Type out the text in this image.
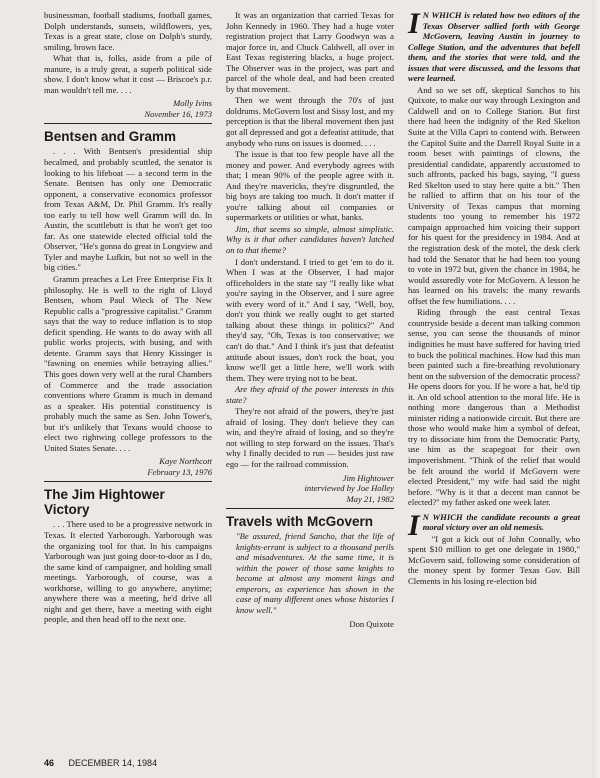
businessman, football stadiums, football games, Dolph understands, sunsets, wildflowers, yes, Texas is a great state, close on Dolph's sturdy, smiling, brown face.

What that is, folks, aside from a pile of manure, is a truly great, a superb political side show. I don't know what it cost — Briscoe's p.r. man wouldn't tell me. . . .

Molly Ivins
November 16, 1973
Bentsen and Gramm

. . . With Bentsen's presidential ship becalmed, and probably scuttled, the senator is looking to his lifeboat — a second term in the Senate. Bentsen has only one Democratic opponent, a conservative economics professor from Texas A&M, Dr. Phil Gramm. It's really too early to tell how well Gramm will do. In Austin, the scuttlebutt is that he won't get too far. As one statewide elected official told the Observer, "He's gonna do great in Longview and Tyler and maybe Lufkin, but not so well in the big cities."

Gramm preaches a Let Free Enterprise Fix It philosophy. He is well to the right of Lloyd Bentsen, whom Paul Wieck of The New Republic calls a "progressive capitalist." Gramm says that the way to reduce inflation is to stop deficit spending. He wants to do away with all public works projects, with busing, and with detente. Gramm says that Henry Kissinger is "fawning on enemies while betraying allies." This goes down very well at the rural Chambers of Commerce and the trade association conventions where Gramm is much in demand as a speaker. His potential constituency is probably much the same as Sen. John Tower's, but it's unlikely that Texans would choose to elect two rightwing college professors to the United States Senate. . . .

Kaye Northcott
February 13, 1976
The Jim Hightower Victory

. . . There used to be a progressive network in Texas. It elected Yarborough. Yarborough was the organizing tool for that. In his campaigns Yarborough was just going door-to-door as I do, the same kind of campaigner, and holding small meetings. Yarborough, of course, was a workhorse, willing to go anywhere, anytime; anywhere there was a meeting, he'd drive all night and get there, have a meeting with eight people, and then head off to the next one.

It was an organization that carried Texas for John Kennedy in 1960. They had a huge voter registration project that Larry Goodwyn was a major force in, and Chuck Caldwell, all over in East Texas registering blacks, a huge project. The Observer was in the project, was part and parcel of the whole deal, and had been created by that movement.

Then we went through the 70's of just doldrums. McGovern lost and Sissy lost, and my perception is that the liberal movement then just got all depressed and got a defeatist attitude, that anybody who runs on issues is doomed. . . .

The issue is that too few people have all the money and power. And everybody agrees with that; I mean 90% of the people agree with it. And they're mavericks, they're disgruntled, the big boys are taking too much. It don't matter if you're talking about oil companies or supermarkets or utilities or what, banks.

Jim, that seems so simple, almost simplistic. Why is it that other candidates haven't latched on to that theme?

I don't understand. I tried to get 'em to do it. When I was at the Observer, I had major officeholders in the state say "I really like what you're saying in the Observer, and I sure agree with every word of it." And I say, "Well, boy, don't you think we really ought to get started talking about these things in politics?" And they'd say, "Oh, Texas is too conservative; we can't do that." And I think it's just that defeatist attitude about issues, don't rock the boat, you know we'll get a little here, we'll work with them. They were trying not to be beat.

Are they afraid of the power interests in this state?

They're not afraid of the powers, they're just afraid of losing. They don't believe they can win, and they're afraid of losing, and so they're not willing to step forward on the issues. That's why I finally decided to run — besides just raw ego — for the railroad commission.

Jim Hightower
interviewed by Joe Holley
May 21, 1982
Travels with McGovern

"Be assured, friend Sancho, that the life of knights-errant is subject to a thousand perils and misadventures. At the same time, it is within the power of those same knights to become at almost any moment kings and emperors, as experience has shown in the case of many different ones whose histories I know well."

Don Quixote

I N WHICH is related how two editors of the Texas Observer sallied forth with George McGovern, leaving Austin in journey to College Station, and the adventures that befell them, and the stories that were told, and the issues that were discussed, and the lessons that were learned.

And so we set off, skeptical Sanchos to his Quixote, to make our way through Lexington and Caldwell and on to College Station. But first there had been the indignity of the Red Skelton Suite at the Villa Capri to contend with. Between the Capitol Suite and the Darrell Royal Suite in a room beset with paintings of clowns, the presidential candidate, apparently accustomed to such affronts, packed his bags, saying, "I guess Red Skelton used to stay here quite a bit." Then he rallied to affirm that on his tour of the University of Texas campus that morning students too young to remember his 1972 campaign approached him voicing their support for his quest for the presidency in 1984. And at the registration desk of the motel, the desk clerk had told the Senator that he had been too young to vote in 1972 but, given the chance in 1984, he would assuredly vote for McGovern. A lesson he has learned on his travels: the many rewards offset the few humiliations. . . .

Riding through the east central Texas countryside beside a decent man talking common sense, you can sense the thousands of minor indignities he must have suffered for having tried to buck the political machines. How had this man been painted such a fire-breathing revolutionary bent on the subversion of the democratic process? He opens doors for you. If he wore a hat, he'd tip it. An old school attention to the moral life. He is nothing more dangerous than a Methodist minister riding a nationwide circuit. But there are those who would make him a symbol of defeat, try to dissociate him from the Democratic Party, use him as the scapegoat for their own impoverishment. "Think of the relief that would be felt around the world if McGovern were elected President," my wife had said the night before. "Why is it that a decent man cannot be elected?" my father asked one week later.

I N WHICH the candidate recounts a great moral victory over an old nemesis.

"I got a kick out of John Connally, who spent $10 million to get one delegate in 1980," McGovern said, following some consideration of the money spent by former Texas Gov. Bill Clements in his losing re-election bid

46 DECEMBER 14, 1984
